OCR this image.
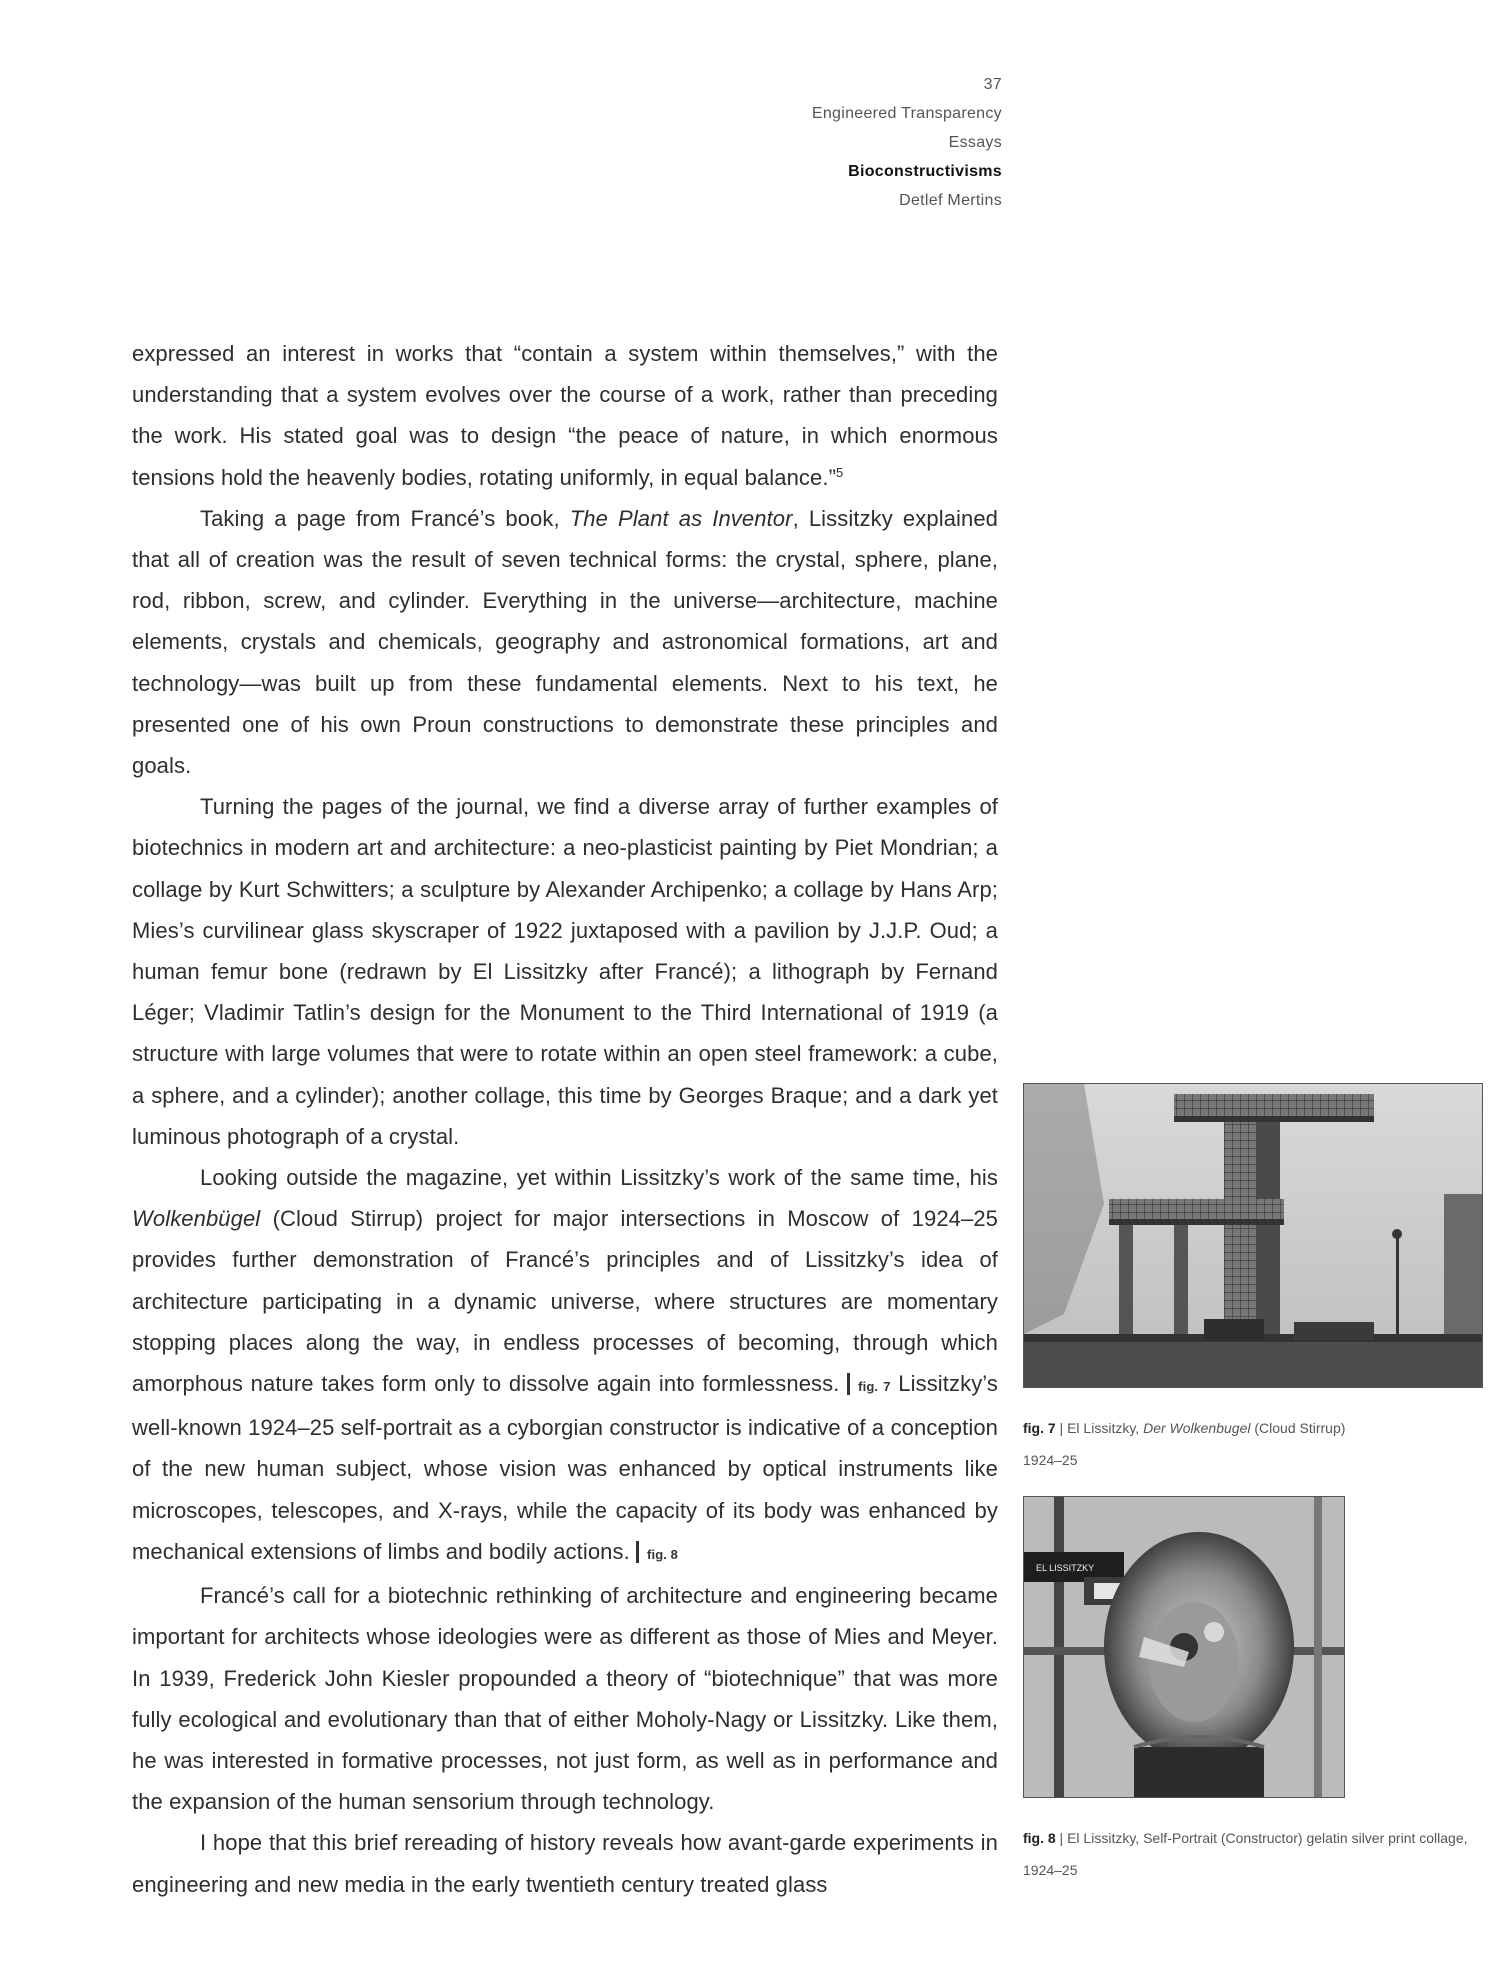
37
Engineered Transparency
Essays
Bioconstructivisms
Detlef Mertins

expressed an interest in works that “contain a system within themselves,” with the understanding that a system evolves over the course of a work, rather than preceding the work. His stated goal was to design “the peace of nature, in which enormous tensions hold the heavenly bodies, rotating uniformly, in equal balance.”$^5$

Taking a page from Francé’s book, The Plant as Inventor, Lissitzky explained that all of creation was the result of seven technical forms: the crystal, sphere, plane, rod, ribbon, screw, and cylinder. Everything in the universe—architecture, machine elements, crystals and chemicals, geography and astronomical formations, art and technology—was built up from these fundamental elements. Next to his text, he presented one of his own Proun constructions to demonstrate these principles and goals.

Turning the pages of the journal, we find a diverse array of further examples of biotechnics in modern art and architecture: a neo-plasticist painting by Piet Mondrian; a collage by Kurt Schwitters; a sculpture by Alexander Archipenko; a collage by Hans Arp; Mies’s curvilinear glass skyscraper of 1922 juxtaposed with a pavilion by J.J.P. Oud; a human femur bone (redrawn by El Lissitzky after Francé); a lithograph by Fernand Léger; Vladimir Tatlin’s design for the Monument to the Third International of 1919 (a structure with large volumes that were to rotate within an open steel framework: a cube, a sphere, and a cylinder); another collage, this time by Georges Braque; and a dark yet luminous photograph of a crystal.

Looking outside the magazine, yet within Lissitzky’s work of the same time, his Wolkenbügel (Cloud Stirrup) project for major intersections in Moscow of 1924–25 provides further demonstration of Francé’s principles and of Lissitzky’s idea of architecture participating in a dynamic universe, where structures are momentary stopping places along the way, in endless processes of becoming, through which amorphous nature takes form only to dissolve again into formlessness. fig. 7 Lissitzky’s well-known 1924–25 self-portrait as a cyborgian constructor is indicative of a conception of the new human subject, whose vision was enhanced by optical instruments like microscopes, telescopes, and X-rays, while the capacity of its body was enhanced by mechanical extensions of limbs and bodily actions. fig. 8

Francé’s call for a biotechnic rethinking of architecture and engineering became important for architects whose ideologies were as different as those of Mies and Meyer. In 1939, Frederick John Kiesler propounded a theory of “biotechnique” that was more fully ecological and evolutionary than that of either Moholy-Nagy or Lissitzky. Like them, he was interested in formative processes, not just form, as well as in performance and the expansion of the human sensorium through technology.

I hope that this brief rereading of history reveals how avant-garde experiments in engineering and new media in the early twentieth century treated glass

fig. 7 | El Lissitzky, Der Wolkenbugel (Cloud Stirrup)
1924–25
EL LISSITZKY
fig. 8 | El Lissitzky, Self-Portrait (Constructor) gelatin silver print collage, 1924–25
